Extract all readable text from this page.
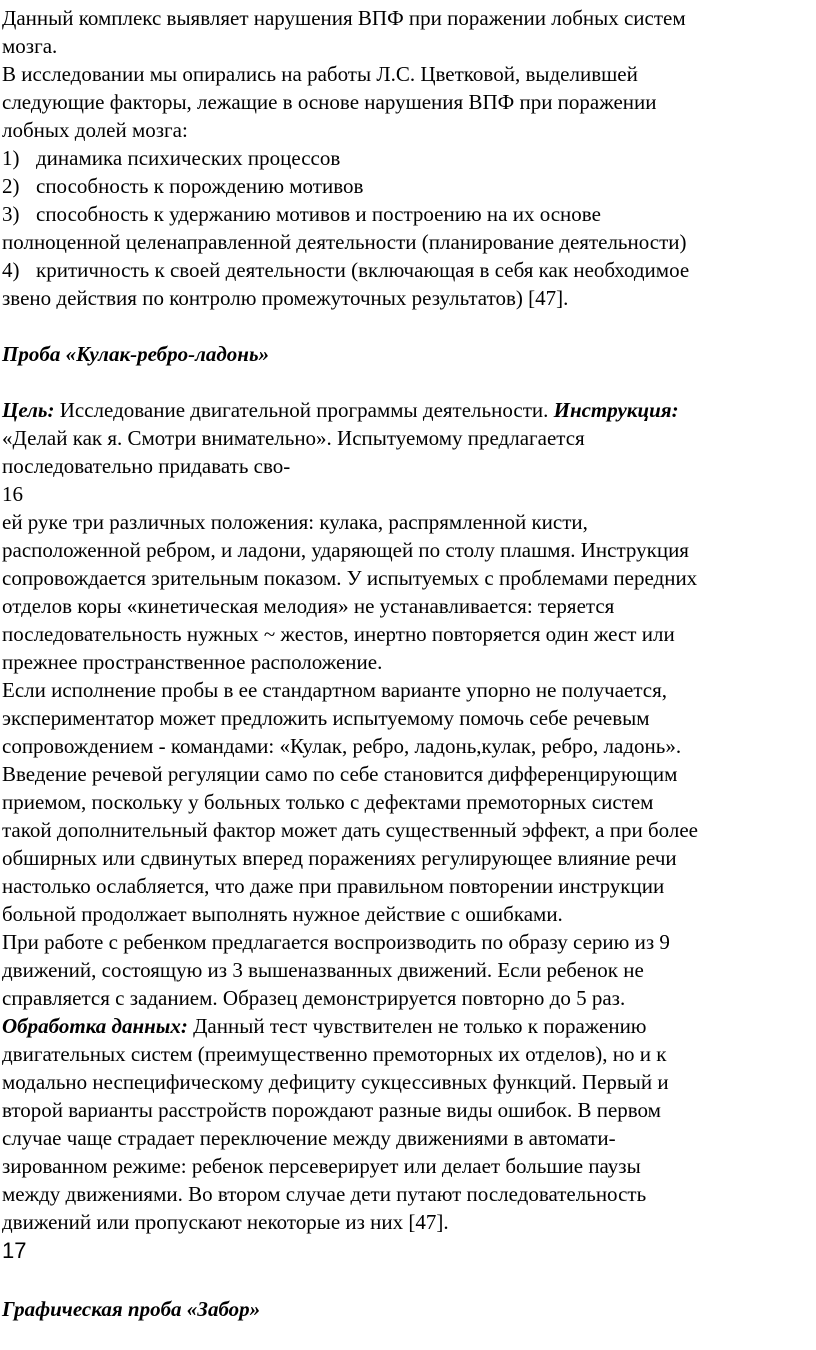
Данный комплекс выявляет нарушения ВПФ при поражении лобных систем
мозга.
В исследовании мы опирались на работы Л.С. Цветковой, выделившей
следующие факторы, лежащие в основе нарушения ВПФ при поражении
лобных долей мозга:
1) динамика психических процессов
2) способность к порождению мотивов
3) способность к удержанию мотивов и построению на их основе
полноценной целенаправленной деятельности (планирование деятельности)
4) критичность к своей деятельности (включающая в себя как необходимое
звено действия по контролю промежуточных результатов) [47].
Проба «Кулак-ребро-ладонь»
Цель: Исследование двигательной программы деятельности. Инструкция:
«Делай как я. Смотри внимательно». Испытуемому предлагается
последовательно придавать сво-
16
ей руке три различных положения: кулака, распрямленной кисти,
расположенной ребром, и ладони, ударяющей по столу плашмя. Инструкция
сопровождается зрительным показом. У испытуемых с проблемами передних
отделов коры «кинетическая мелодия» не устанавливается: теряется
последовательность нужных ~ жестов, инертно повторяется один жест или
прежнее пространственное расположение.
Если исполнение пробы в ее стандартном варианте упорно не получается,
экспериментатор может предложить испытуемому помочь себе речевым
сопровождением - командами: «Кулак, ребро, ладонь,кулак, ребро, ладонь».
Введение речевой регуляции само по себе становится дифференцирующим
приемом, поскольку у больных только с дефектами премоторных систем
такой дополнительный фактор может дать существенный эффект, а при более
обширных или сдвинутых вперед поражениях регулирующее влияние речи
настолько ослабляется, что даже при правильном повторении инструкции
больной продолжает выполнять нужное действие с ошибками.
При работе с ребенком предлагается воспроизводить по образу серию из 9
движений, состоящую из 3 вышеназванных движений. Если ребенок не
справляется с заданием. Образец демонстрируется повторно до 5 раз.
Обработка данных: Данный тест чувствителен не только к поражению
двигательных систем (преимущественно премоторных их отделов), но и к
модально неспецифическому дефициту сукцессивных функций. Первый и
второй варианты расстройств порождают разные виды ошибок. В первом
случае чаще страдает переключение между движениями в автомати-
зированном режиме: ребенок персеверирует или делает большие паузы
между движениями. Во втором случае дети путают последовательность
движений или пропускают некоторые из них [47].
17
Графическая проба «Забор»
